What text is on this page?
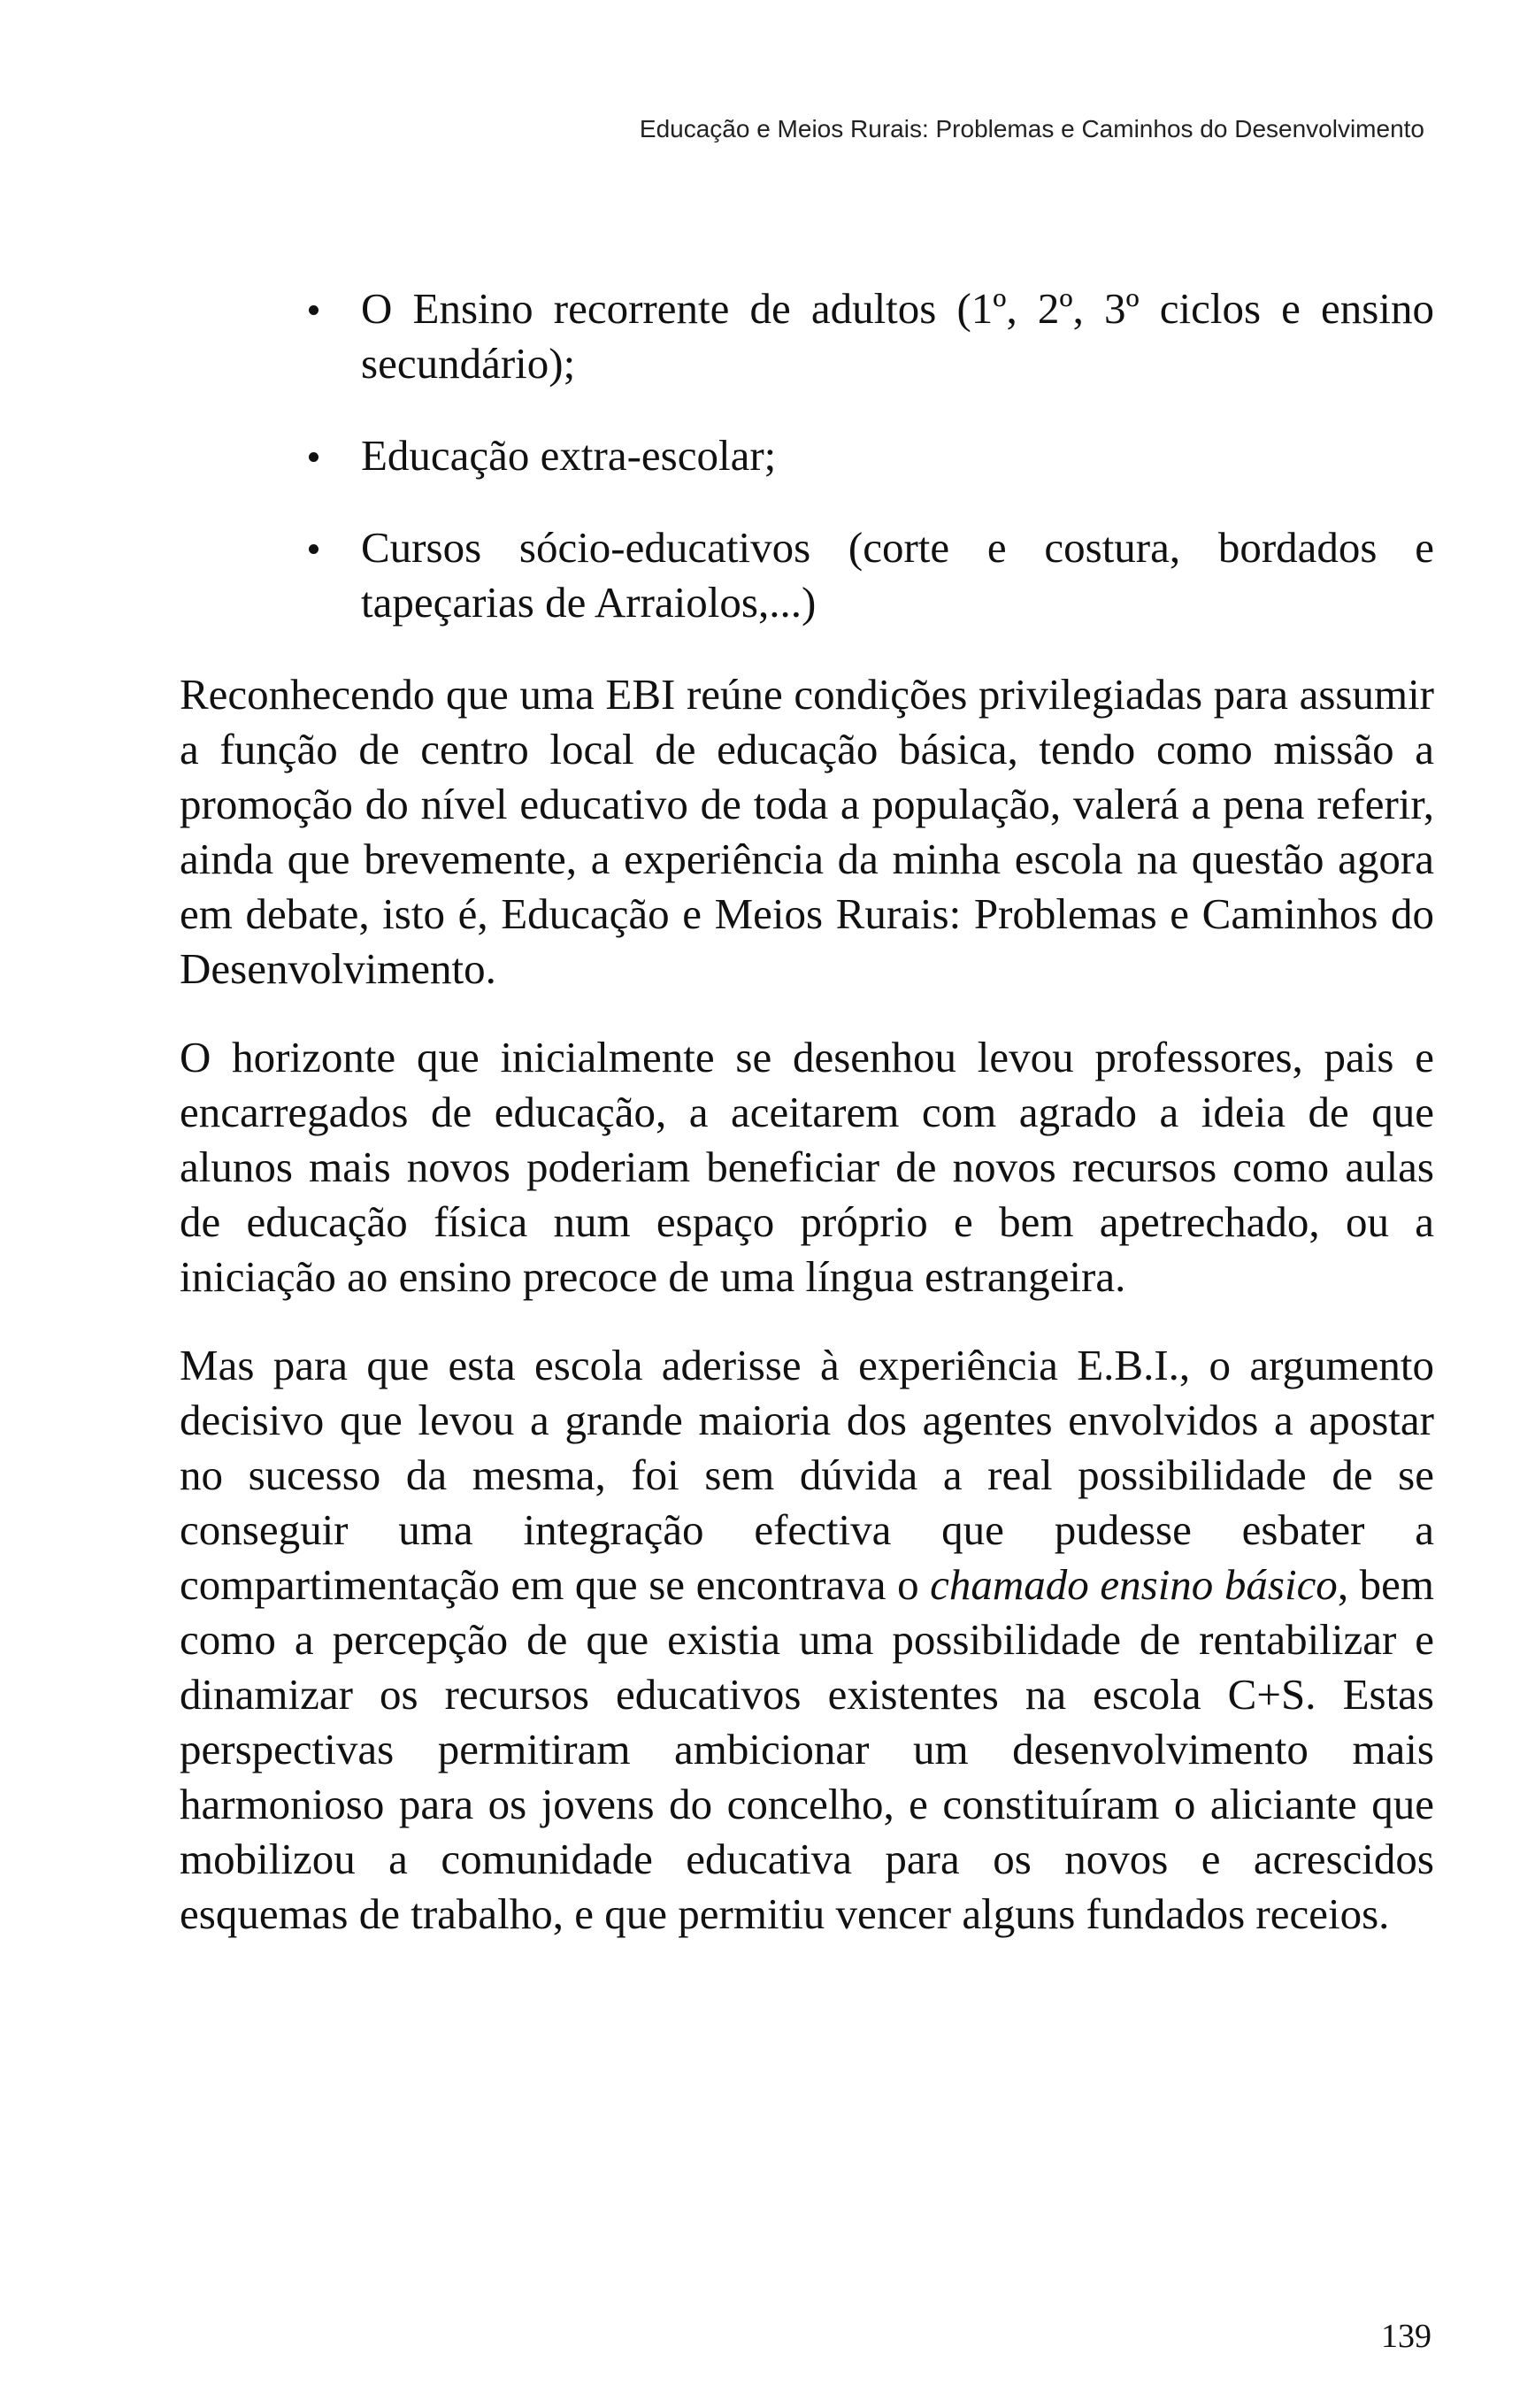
Educação e Meios Rurais: Problemas e Caminhos do Desenvolvimento
O Ensino recorrente de adultos (1º, 2º, 3º ciclos e ensino secundário);
Educação extra-escolar;
Cursos sócio-educativos (corte e costura, bordados e tapeçarias de Arraiolos,...)

Reconhecendo que uma EBI reúne condições privilegiadas para assumir a função de centro local de educação básica, tendo como missão a promoção do nível educativo de toda a população, valerá a pena referir, ainda que brevemente, a experiência da minha escola na questão agora em debate, isto é, Educação e Meios Rurais: Problemas e Caminhos do Desenvolvimento.

O horizonte que inicialmente se desenhou levou professores, pais e encarregados de educação, a aceitarem com agrado a ideia de que alunos mais novos poderiam beneficiar de novos recursos como aulas de educação física num espaço próprio e bem apetrechado, ou a iniciação ao ensino precoce de uma língua estrangeira.

Mas para que esta escola aderisse à experiência E.B.I., o argumento decisivo que levou a grande maioria dos agentes envolvidos a apostar no sucesso da mesma, foi sem dúvida a real possibilidade de se conseguir uma integração efectiva que pudesse esbater a compartimentação em que se encontrava o chamado ensino básico, bem como a percepção de que existia uma possibilidade de rentabilizar e dinamizar os recursos educativos existentes na escola C+S. Estas perspectivas permitiram ambicionar um desenvolvimento mais harmonioso para os jovens do concelho, e constituíram o aliciante que mobilizou a comunidade educativa para os novos e acrescidos esquemas de trabalho, e que permitiu vencer alguns fundados receios.

139
